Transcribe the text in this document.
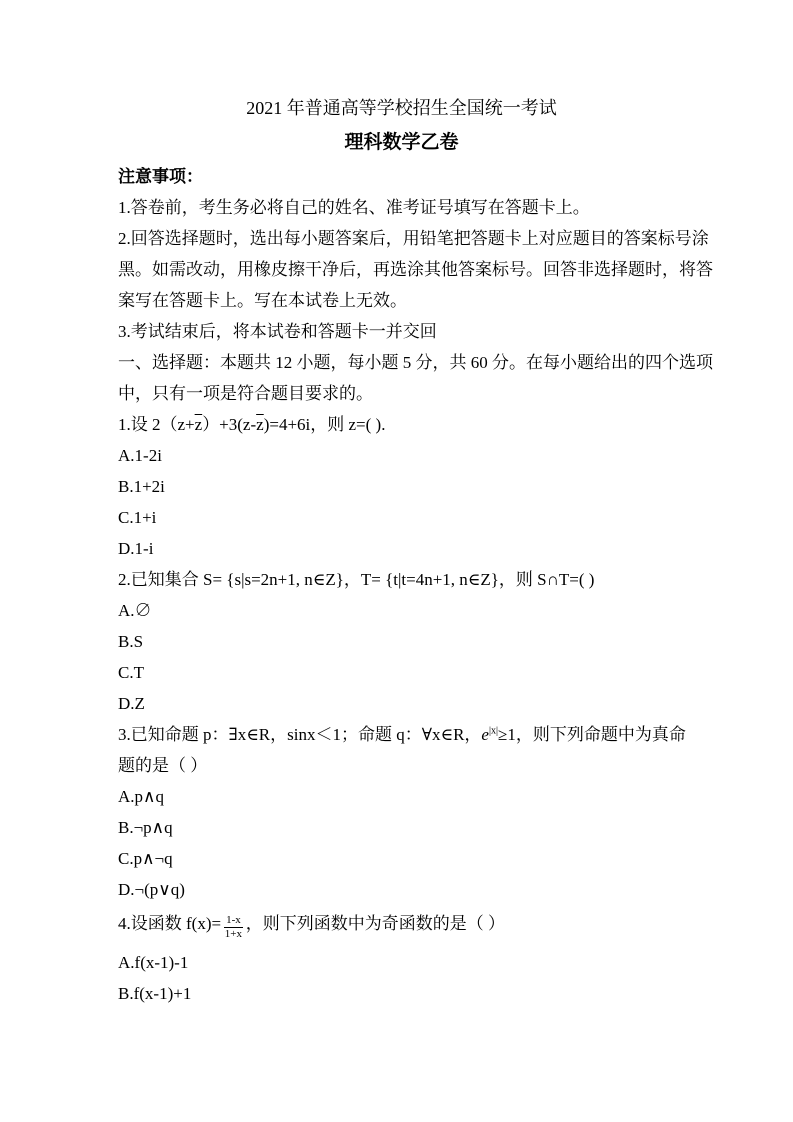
2021 年普通高等学校招生全国统一考试

理科数学乙卷

注意事项：

1.答卷前，考生务必将自己的姓名、准考证号填写在答题卡上。

2.回答选择题时，选出每小题答案后，用铅笔把答题卡上对应题目的答案标号涂

黑。如需改动，用橡皮擦干净后，再选涂其他答案标号。回答非选择题时，将答

案写在答题卡上。写在本试卷上无效。

3.考试结束后，将本试卷和答题卡一并交回

一、选择题：本题共 12 小题，每小题 5 分，共 60 分。在每小题给出的四个选项

中，只有一项是符合题目要求的。

1.设 $2(z+\overline{z})+3(z-\overline{z})=4+6i$，则 z=( ).

A.1-2i

B.1+2i

C.1+i

D.1-i

2.已知集合 S= {s|s=2n+1, n∈Z}，T= {t|t=4n+1, n∈Z}，则 S∩T=( )

A.∅

B.S

C.T

D.Z

3.已知命题 p：∃x∈R，sinx＜1；命题 q：∀x∈R，$e^{|x|}\ge 1$，则下列命题中为真命

题的是（ ）

A.p∧q

B.¬p∧q

C.p∧¬q

D.¬(p∨q)

4.设函数 $f(x)= \frac{1-x}{1+x}$ ，则下列函数中为奇函数的是（ ）

A.f(x-1)-1

B.f(x-1)+1
